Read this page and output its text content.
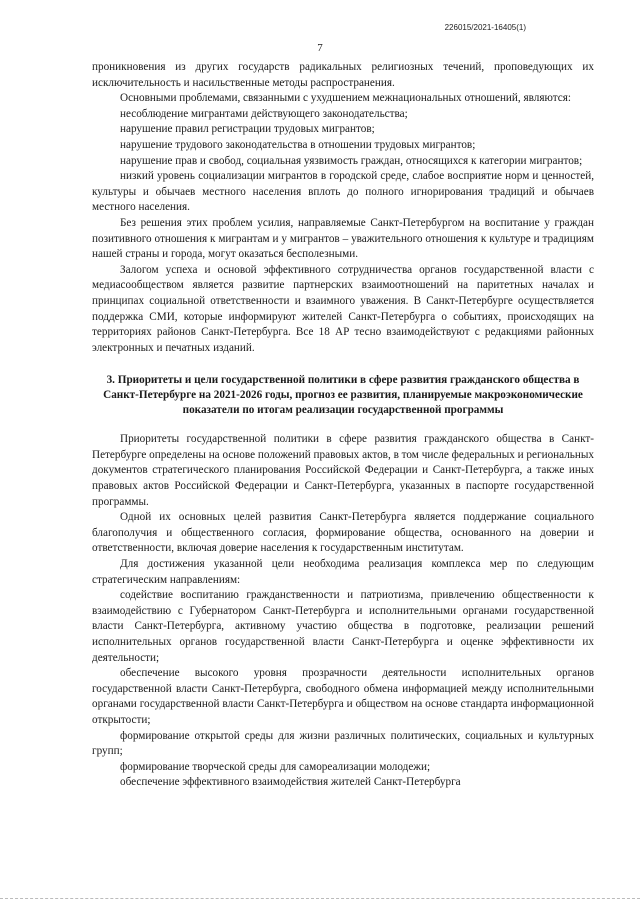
226015/2021-16405(1)
7

проникновения из других государств радикальных религиозных течений, проповедующих их исключительность и насильственные методы распространения.

Основными проблемами, связанными с ухудшением межнациональных отношений, являются:

несоблюдение мигрантами действующего законодательства;

нарушение правил регистрации трудовых мигрантов;

нарушение трудового законодательства в отношении трудовых мигрантов;

нарушение прав и свобод, социальная уязвимость граждан, относящихся к категории мигрантов;

низкий уровень социализации мигрантов в городской среде, слабое восприятие норм и ценностей, культуры и обычаев местного населения вплоть до полного игнорирования традиций и обычаев местного населения.

Без решения этих проблем усилия, направляемые Санкт-Петербургом на воспитание у граждан позитивного отношения к мигрантам и у мигрантов – уважительного отношения к культуре и традициям нашей страны и города, могут оказаться бесполезными.

Залогом успеха и основой эффективного сотрудничества органов государственной власти с медиасообществом является развитие партнерских взаимоотношений на паритетных началах и принципах социальной ответственности и взаимного уважения. В Санкт-Петербурге осуществляется поддержка СМИ, которые информируют жителей Санкт-Петербурга о событиях, происходящих на территориях районов Санкт-Петербурга. Все 18 АР тесно взаимодействуют с редакциями районных электронных и печатных изданий.

3. Приоритеты и цели государственной политики в сфере развития гражданского общества в Санкт-Петербурге на 2021-2026 годы, прогноз ее развития, планируемые макроэкономические показатели по итогам реализации государственной программы

Приоритеты государственной политики в сфере развития гражданского общества в Санкт-Петербурге определены на основе положений правовых актов, в том числе федеральных и региональных документов стратегического планирования Российской Федерации и Санкт-Петербурга, а также иных правовых актов Российской Федерации и Санкт-Петербурга, указанных в паспорте государственной программы.

Одной их основных целей развития Санкт-Петербурга является поддержание социального благополучия и общественного согласия, формирование общества, основанного на доверии и ответственности, включая доверие населения к государственным институтам.

Для достижения указанной цели необходима реализация комплекса мер по следующим стратегическим направлениям:

содействие воспитанию гражданственности и патриотизма, привлечению общественности к взаимодействию с Губернатором Санкт-Петербурга и исполнительными органами государственной власти Санкт-Петербурга, активному участию общества в подготовке, реализации решений исполнительных органов государственной власти Санкт-Петербурга и оценке эффективности их деятельности;

обеспечение высокого уровня прозрачности деятельности исполнительных органов государственной власти Санкт-Петербурга, свободного обмена информацией между исполнительными органами государственной власти Санкт-Петербурга и обществом на основе стандарта информационной открытости;

формирование открытой среды для жизни различных политических, социальных и культурных групп;

формирование творческой среды для самореализации молодежи;

обеспечение эффективного взаимодействия жителей Санкт-Петербурга
